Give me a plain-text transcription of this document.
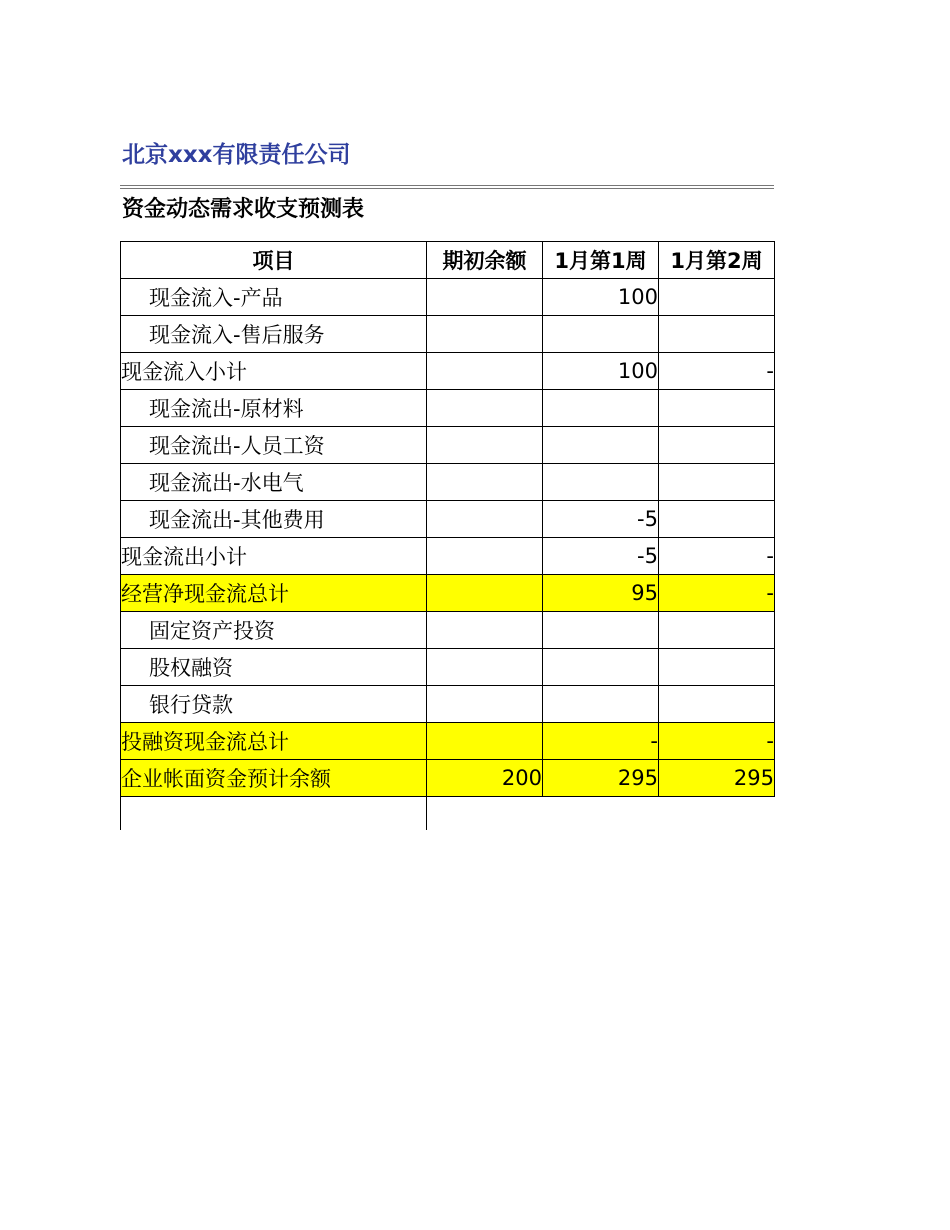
北京xxx有限责任公司
资金动态需求收支预测表
项目	期初余额	1月第1周	1月第2周
现金流入-产品		100	
现金流入-售后服务			
现金流入小计		100	-
现金流出-原材料			
现金流出-人员工资			
现金流出-水电气			
现金流出-其他费用		-5	
现金流出小计		-5	-
经营净现金流总计		95	-
固定资产投资			
股权融资			
银行贷款			
投融资现金流总计		-	-
企业帐面资金预计余额	200	295	295
